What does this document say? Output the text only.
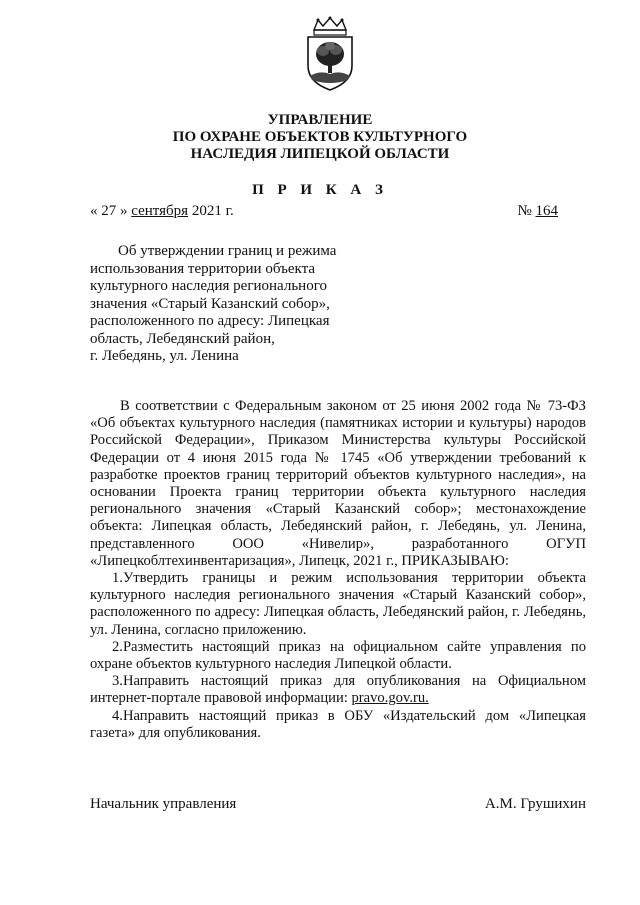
УПРАВЛЕНИЕ
ПО ОХРАНЕ ОБЪЕКТОВ КУЛЬТУРНОГО
НАСЛЕДИЯ ЛИПЕЦКОЙ ОБЛАСТИ
П Р И К А З
« 27 » сентября 2021 г.	№ 164
Об утверждении границ и режима
использования территории объекта
культурного наследия регионального
значения «Старый Казанский собор»,
расположенного по адресу: Липецкая
область, Лебедянский район,
г. Лебедянь, ул. Ленина

В соответствии с Федеральным законом от 25 июня 2002 года № 73-ФЗ «Об объектах культурного наследия (памятниках истории и культуры) народов Российской Федерации», Приказом Министерства культуры Российской Федерации от 4 июня 2015 года № 1745 «Об утверждении требований к разработке проектов границ территорий объектов культурного наследия», на основании Проекта границ территории объекта культурного наследия регионального значения «Старый Казанский собор»; местонахождение объекта: Липецкая область, Лебедянский район, г. Лебедянь, ул. Ленина, представленного ООО «Нивелир», разработанного ОГУП «Липецкоблтехинвентаризация», Липецк, 2021 г., ПРИКАЗЫВАЮ:

1.Утвердить границы и режим использования территории объекта культурного наследия регионального значения «Старый Казанский собор», расположенного по адресу: Липецкая область, Лебедянский район, г. Лебедянь, ул. Ленина, согласно приложению.

2.Разместить настоящий приказ на официальном сайте управления по охране объектов культурного наследия Липецкой области.

3.Направить настоящий приказ для опубликования на Официальном интернет-портале правовой информации: pravo.gov.ru.

4.Направить настоящий приказ в ОБУ «Издательский дом «Липецкая газета» для опубликования.

Начальник управления	А.М. Грушихин
